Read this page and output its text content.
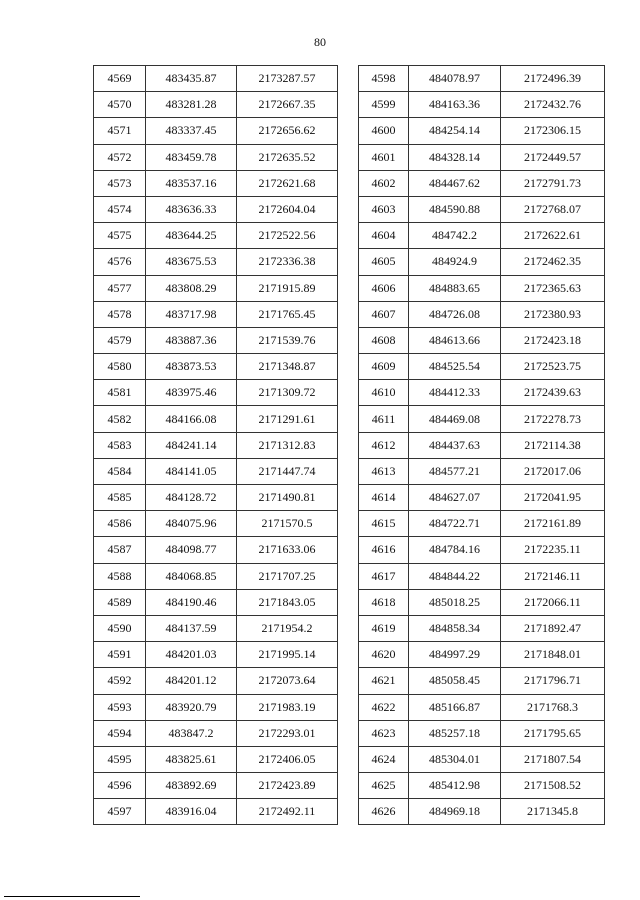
80
4569	483435.87	2173287.57
4570	483281.28	2172667.35
4571	483337.45	2172656.62
4572	483459.78	2172635.52
4573	483537.16	2172621.68
4574	483636.33	2172604.04
4575	483644.25	2172522.56
4576	483675.53	2172336.38
4577	483808.29	2171915.89
4578	483717.98	2171765.45
4579	483887.36	2171539.76
4580	483873.53	2171348.87
4581	483975.46	2171309.72
4582	484166.08	2171291.61
4583	484241.14	2171312.83
4584	484141.05	2171447.74
4585	484128.72	2171490.81
4586	484075.96	2171570.5
4587	484098.77	2171633.06
4588	484068.85	2171707.25
4589	484190.46	2171843.05
4590	484137.59	2171954.2
4591	484201.03	2171995.14
4592	484201.12	2172073.64
4593	483920.79	2171983.19
4594	483847.2	2172293.01
4595	483825.61	2172406.05
4596	483892.69	2172423.89
4597	483916.04	2172492.11
4598	484078.97	2172496.39
4599	484163.36	2172432.76
4600	484254.14	2172306.15
4601	484328.14	2172449.57
4602	484467.62	2172791.73
4603	484590.88	2172768.07
4604	484742.2	2172622.61
4605	484924.9	2172462.35
4606	484883.65	2172365.63
4607	484726.08	2172380.93
4608	484613.66	2172423.18
4609	484525.54	2172523.75
4610	484412.33	2172439.63
4611	484469.08	2172278.73
4612	484437.63	2172114.38
4613	484577.21	2172017.06
4614	484627.07	2172041.95
4615	484722.71	2172161.89
4616	484784.16	2172235.11
4617	484844.22	2172146.11
4618	485018.25	2172066.11
4619	484858.34	2171892.47
4620	484997.29	2171848.01
4621	485058.45	2171796.71
4622	485166.87	2171768.3
4623	485257.18	2171795.65
4624	485304.01	2171807.54
4625	485412.98	2171508.52
4626	484969.18	2171345.8
